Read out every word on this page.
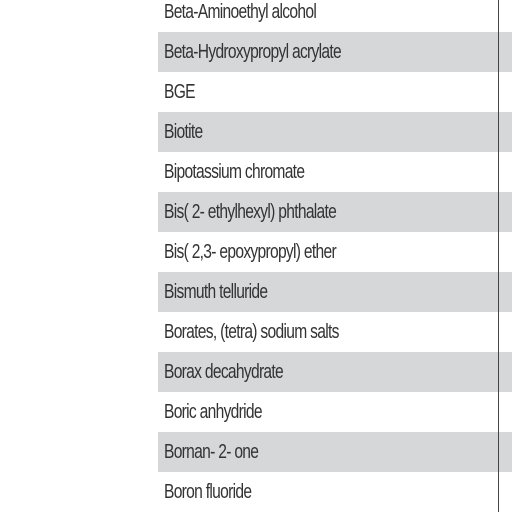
Beta-Aminoethyl alcohol
Beta-Hydroxypropyl acrylate
BGE
Biotite
Bipotassium chromate
Bis( 2- ethylhexyl) phthalate
Bis( 2,3- epoxypropyl) ether
Bismuth telluride
Borates, (tetra) sodium salts
Borax decahydrate
Boric anhydride
Bornan- 2- one
Boron fluoride
